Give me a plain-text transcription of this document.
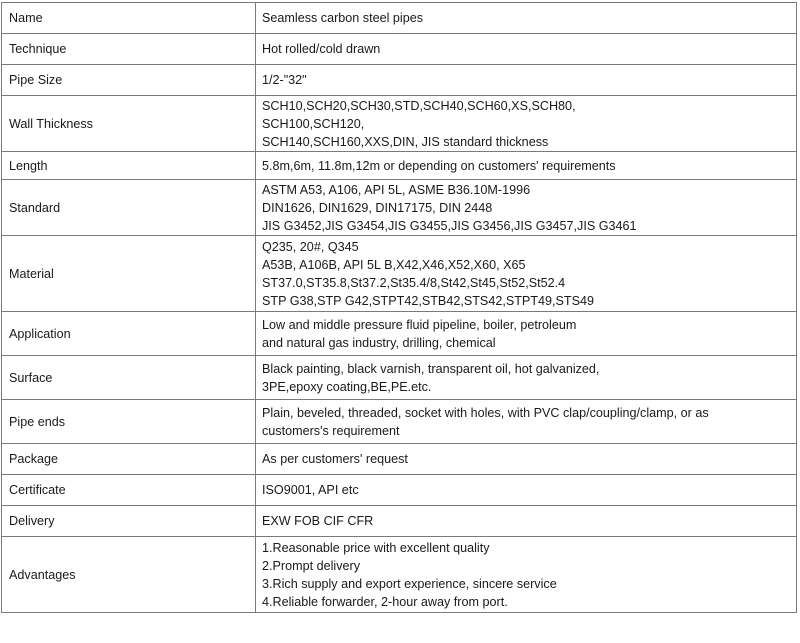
Name	Seamless carbon steel pipes

Technique	Hot rolled/cold drawn

Pipe Size	1/2-"32"

Wall Thickness	SCH10,SCH20,SCH30,STD,SCH40,SCH60,XS,SCH80,
SCH100,SCH120,
SCH140,SCH160,XXS,DIN, JIS standard thickness

Length	5.8m,6m, 11.8m,12m or depending on customers' requirements

Standard	ASTM A53, A106, API 5L, ASME B36.10M-1996
DIN1626, DIN1629, DIN17175, DIN 2448
JIS G3452,JIS G3454,JIS G3455,JIS G3456,JIS G3457,JIS G3461

Material	Q235, 20#, Q345
A53B, A106B, API 5L B,X42,X46,X52,X60, X65
ST37.0,ST35.8,St37.2,St35.4/8,St42,St45,St52,St52.4
STP G38,STP G42,STPT42,STB42,STS42,STPT49,STS49

Application	Low and middle pressure fluid pipeline, boiler, petroleum
and natural gas industry, drilling, chemical

Surface	Black painting, black varnish, transparent oil, hot galvanized,
3PE,epoxy coating,BE,PE.etc.

Pipe ends	Plain, beveled, threaded, socket with holes, with PVC clap/coupling/clamp, or as
customers's requirement

Package	As per customers' request

Certificate	ISO9001, API etc

Delivery	EXW FOB CIF CFR

Advantages	1.Reasonable price with excellent quality
2.Prompt delivery
3.Rich supply and export experience, sincere service
4.Reliable forwarder, 2-hour away from port.
